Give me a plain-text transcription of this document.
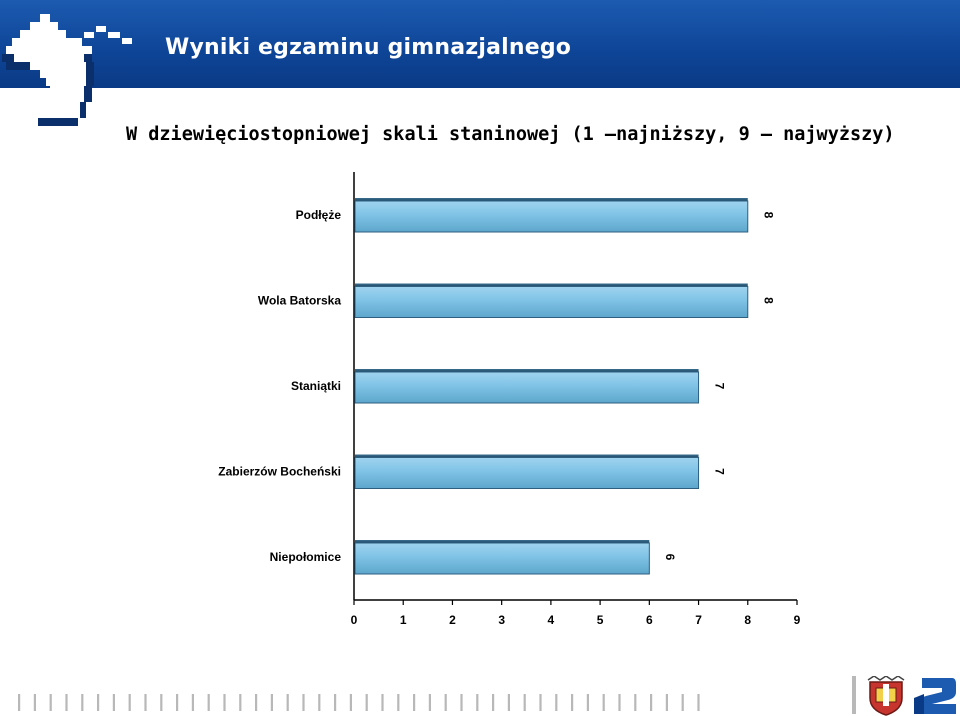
Wyniki egzaminu gimnazjalnego
W dziewięciostopniowej skali staninowej (1 –najniższy, 9 – najwyższy)
0	1	2	3	4	5	6	7	8	9
Podłęże	8
Wola Batorska	8
Staniątki	7
Zabierzów Bocheński	7
Niepołomice	6
